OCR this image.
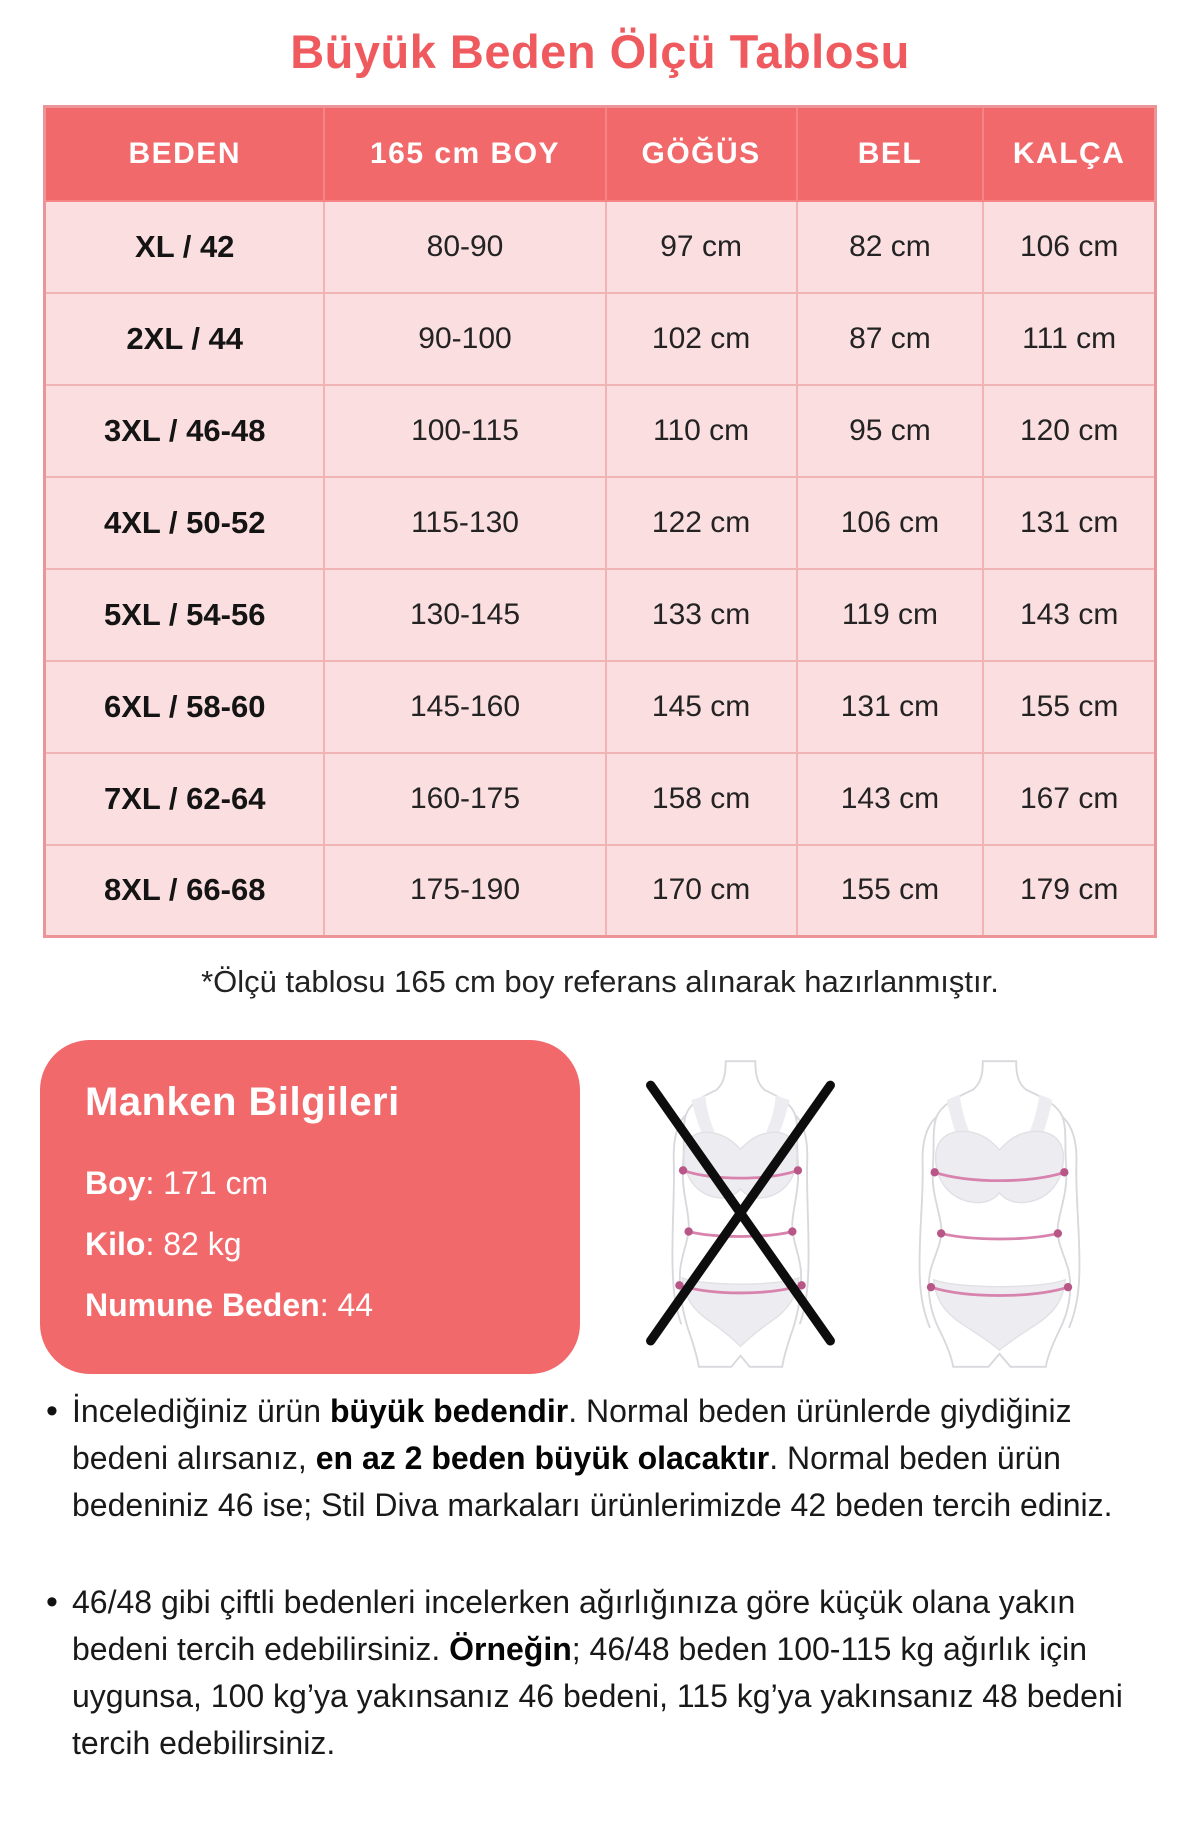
Büyük Beden Ölçü Tablosu
BEDEN	165 cm BOY	GÖĞÜS	BEL	KALÇA
XL / 42	80-90	97 cm	82 cm	106 cm
2XL / 44	90-100	102 cm	87 cm	111 cm
3XL / 46-48	100-115	110 cm	95 cm	120 cm
4XL / 50-52	115-130	122 cm	106 cm	131 cm
5XL / 54-56	130-145	133 cm	119 cm	143 cm
6XL / 58-60	145-160	145 cm	131 cm	155 cm
7XL / 62-64	160-175	158 cm	143 cm	167 cm
8XL / 66-68	175-190	170 cm	155 cm	179 cm

*Ölçü tablosu 165 cm boy referans alınarak hazırlanmıştır.

Manken Bilgileri
Boy: 171 cm
Kilo: 82 kg
Numune Beden: 44
• İncelediğiniz ürün büyük bedendir. Normal beden ürünlerde giydiğiniz bedeni alırsanız, en az 2 beden büyük olacaktır. Normal beden ürün bedeniniz 46 ise; Stil Diva markaları ürünlerimizde 42 beden tercih ediniz.
• 46/48 gibi çiftli bedenleri incelerken ağırlığınıza göre küçük olana yakın bedeni tercih edebilirsiniz. Örneğin; 46/48 beden 100-115 kg ağırlık için uygunsa, 100 kg’ya yakınsanız 46 bedeni, 115 kg’ya yakınsanız 48 bedeni tercih edebilirsiniz.
